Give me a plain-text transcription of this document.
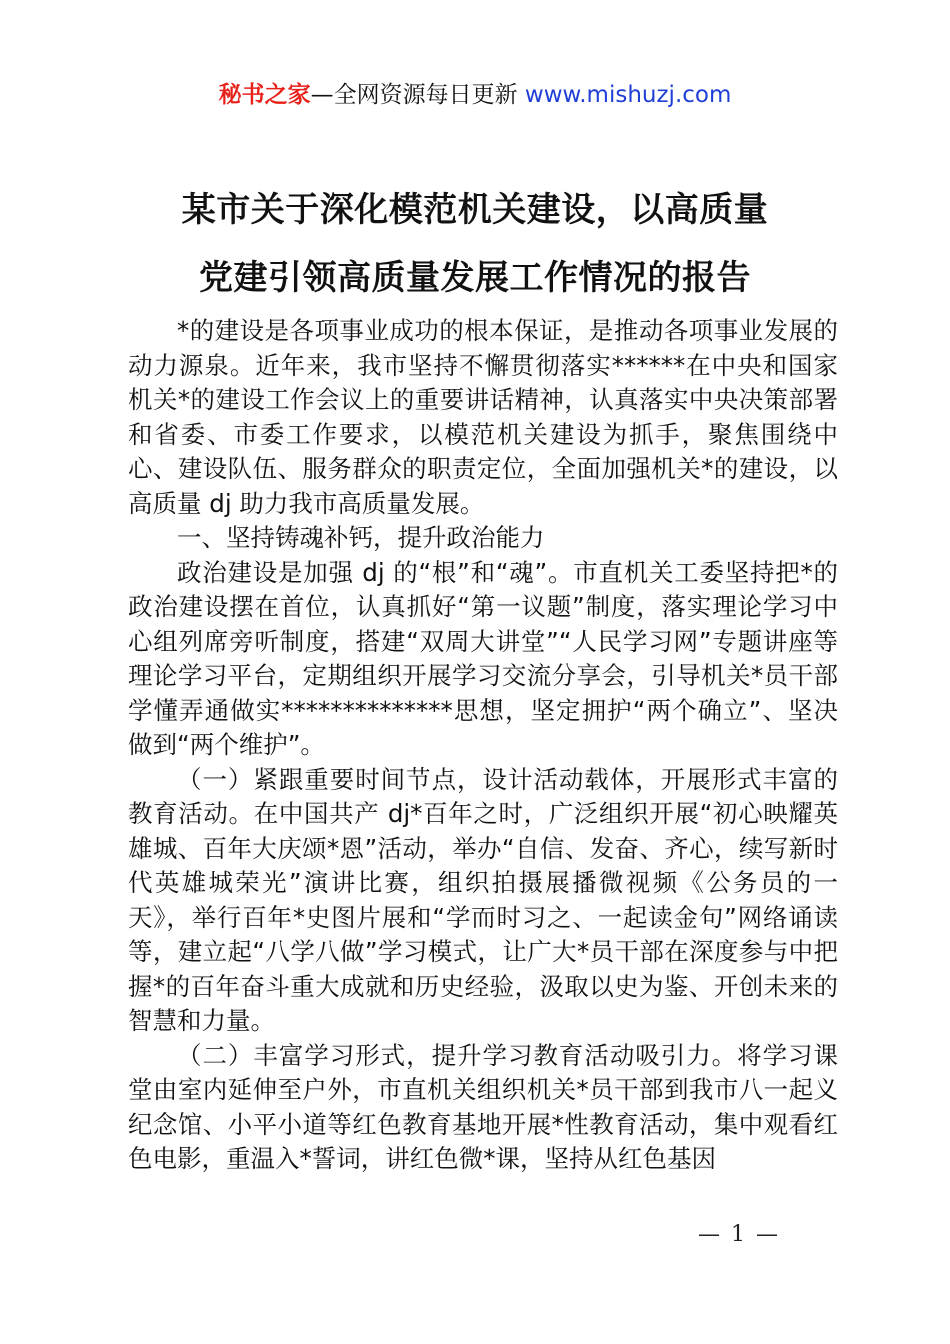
秘书之家—全网资源每日更新 www.mishuzj.com
某市关于深化模范机关建设，以高质量
党建引领高质量发展工作情况的报告

*的建设是各项事业成功的根本保证，是推动各项事业发展的动力源泉。近年来，我市坚持不懈贯彻落实******在中央和国家机关*的建设工作会议上的重要讲话精神，认真落实中央决策部署和省委、市委工作要求，以模范机关建设为抓手，聚焦围绕中心、建设队伍、服务群众的职责定位，全面加强机关*的建设，以高质量 dj 助力我市高质量发展。

一、坚持铸魂补钙，提升政治能力

政治建设是加强 dj 的“根”和“魂”。市直机关工委坚持把*的政治建设摆在首位，认真抓好“第一议题”制度，落实理论学习中心组列席旁听制度，搭建“双周大讲堂”“人民学习网”专题讲座等理论学习平台，定期组织开展学习交流分享会，引导机关*员干部学懂弄通做实**************思想，坚定拥护“两个确立”、坚决做到“两个维护”。

（一）紧跟重要时间节点，设计活动载体，开展形式丰富的教育活动。在中国共产 dj*百年之时，广泛组织开展“初心映耀英雄城、百年大庆颂*恩”活动，举办“自信、发奋、齐心，续写新时代英雄城荣光”演讲比赛，组织拍摄展播微视频《公务员的一天》，举行百年*史图片展和“学而时习之、一起读金句”网络诵读等，建立起“八学八做”学习模式，让广大*员干部在深度参与中把握*的百年奋斗重大成就和历史经验，汲取以史为鉴、开创未来的智慧和力量。

（二）丰富学习形式，提升学习教育活动吸引力。将学习课堂由室内延伸至户外，市直机关组织机关*员干部到我市八一起义纪念馆、小平小道等红色教育基地开展*性教育活动，集中观看红色电影，重温入*誓词，讲红色微*课，坚持从红色基因

— 1 —
